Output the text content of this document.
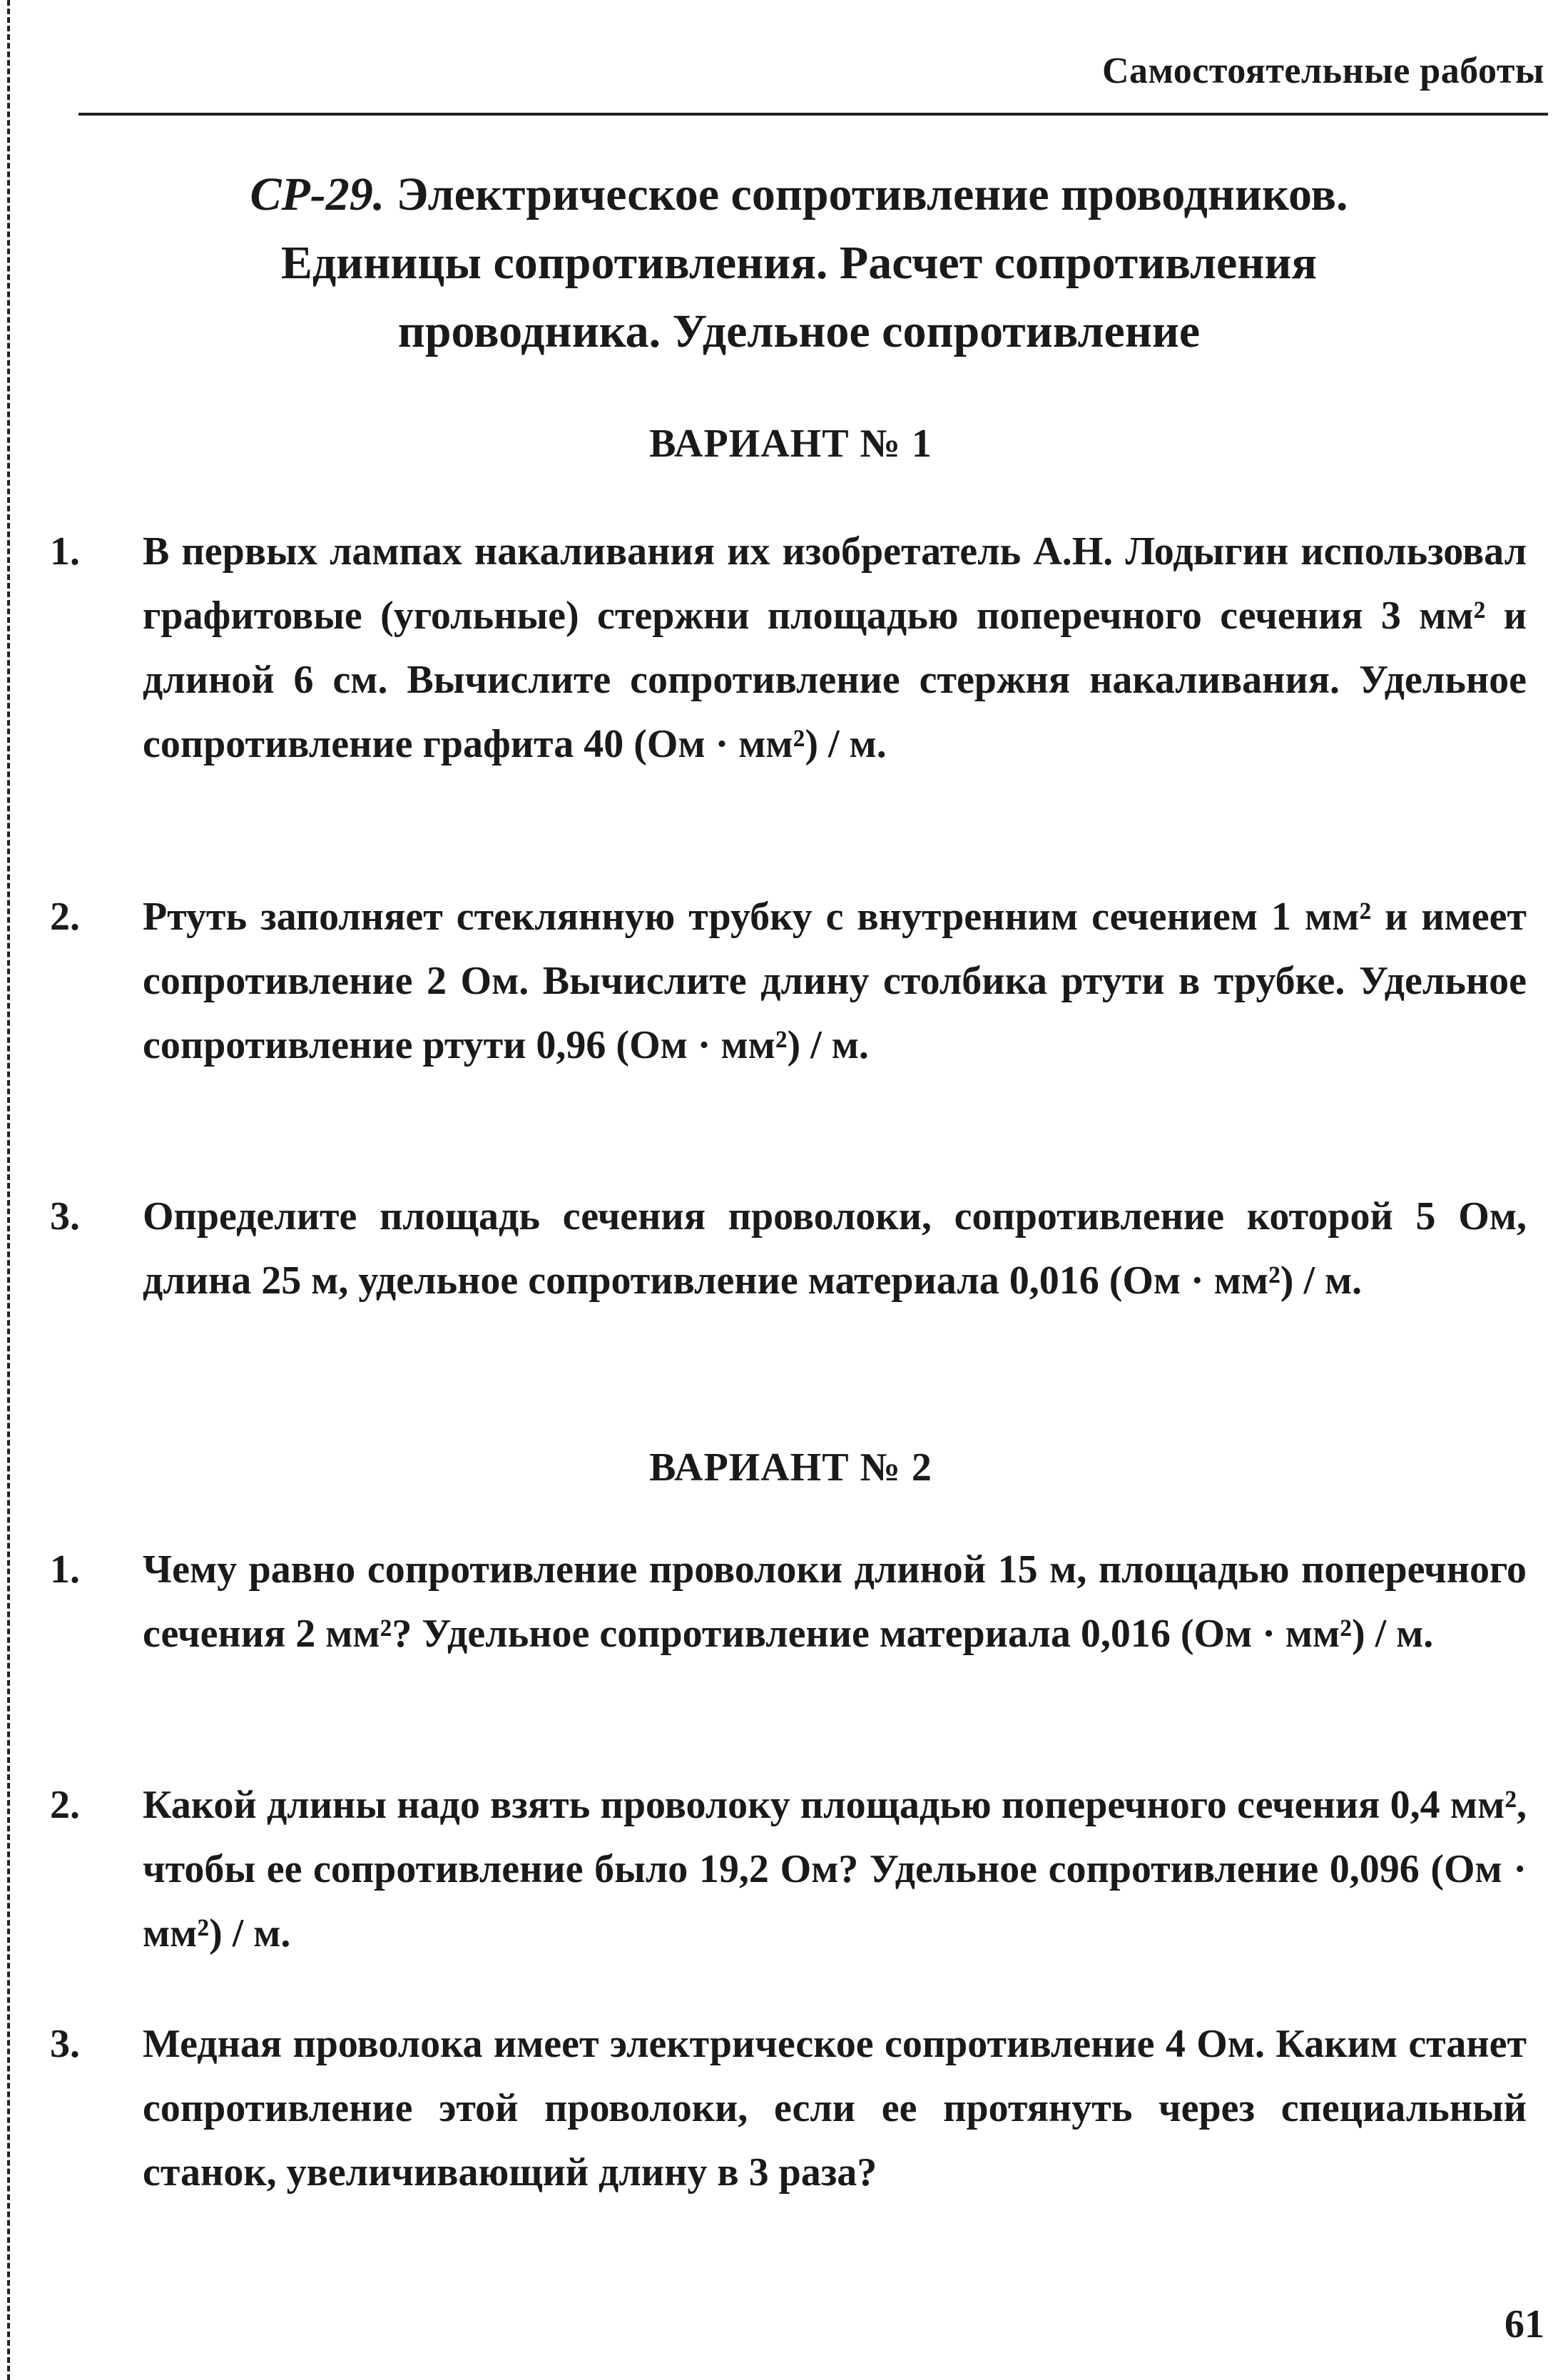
Самостоятельные работы
СР-29. Электрическое сопротивление проводников.
Единицы сопротивления. Расчет сопротивления
проводника. Удельное сопротивление
ВАРИАНТ № 1
1. В первых лампах накаливания их изобретатель А.Н. Лодыгин использовал графитовые (угольные) стержни площадью поперечного сечения 3 мм² и длиной 6 см. Вычислите сопротивление стержня накаливания. Удельное сопротивление графита 40 (Ом · мм²) / м.
2. Ртуть заполняет стеклянную трубку с внутренним сечением 1 мм² и имеет сопротивление 2 Ом. Вычислите длину столбика ртути в трубке. Удельное сопротивление ртути 0,96 (Ом · мм²) / м.
3. Определите площадь сечения проволоки, сопротивление которой 5 Ом, длина 25 м, удельное сопротивление материала 0,016 (Ом · мм²) / м.
ВАРИАНТ № 2
1. Чему равно сопротивление проволоки длиной 15 м, площадью поперечного сечения 2 мм²? Удельное сопротивление материала 0,016 (Ом · мм²) / м.
2. Какой длины надо взять проволоку площадью поперечного сечения 0,4 мм², чтобы ее сопротивление было 19,2 Ом? Удельное сопротивление 0,096 (Ом · мм²) / м.
3. Медная проволока имеет электрическое сопротивление 4 Ом. Каким станет сопротивление этой проволоки, если ее протянуть через специальный станок, увеличивающий длину в 3 раза?
61
